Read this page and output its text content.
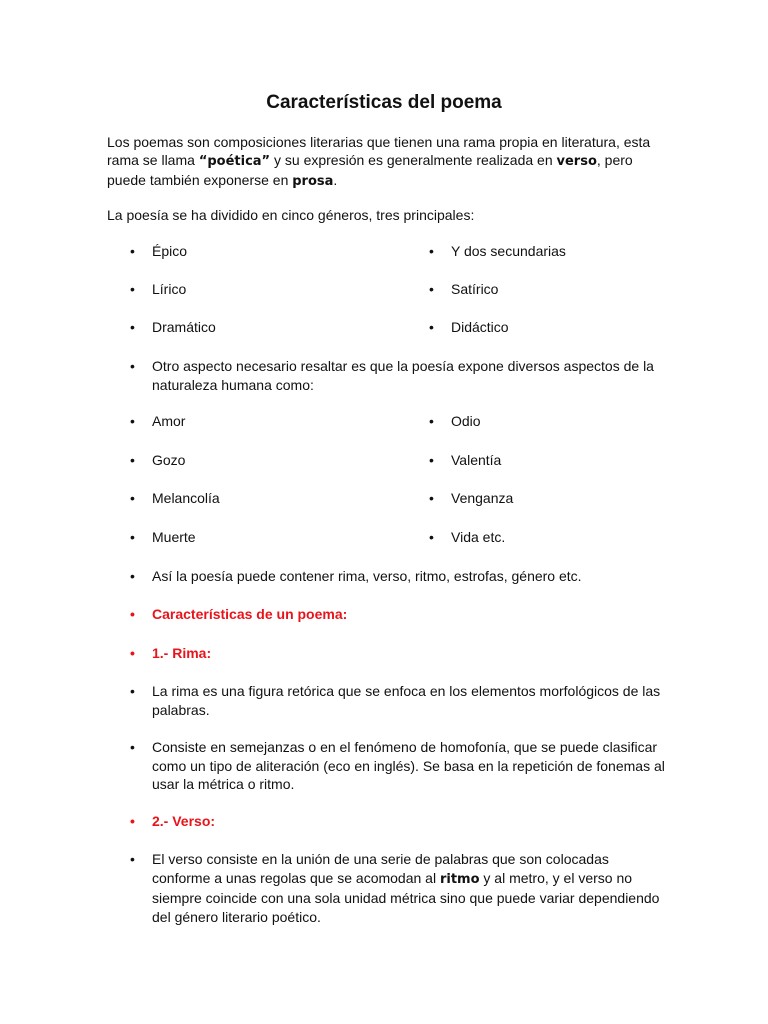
Características del poema

Los poemas son composiciones literarias que tienen una rama propia en literatura, esta rama se llama “poética” y su expresión es generalmente realizada en verso, pero puede también exponerse en prosa.

La poesía se ha dividido en cinco géneros, tres principales:

• Épico

• Lírico

• Dramático

• Y dos secundarias

• Satírico

• Didáctico

• Otro aspecto necesario resaltar es que la poesía expone diversos aspectos de la naturaleza humana como:

• Amor

• Gozo

• Melancolía

• Muerte

• Odio

• Valentía

• Venganza

• Vida etc.

• Así la poesía puede contener rima, verso, ritmo, estrofas, género etc.

• Características de un poema:

• 1.- Rima:

• La rima es una figura retórica que se enfoca en los elementos morfológicos de las palabras.

• Consiste en semejanzas o en el fenómeno de homofonía, que se puede clasificar como un tipo de aliteración (eco en inglés). Se basa en la repetición de fonemas al usar la métrica o ritmo.

• 2.- Verso:

• El verso consiste en la unión de una serie de palabras que son colocadas conforme a unas regolas que se acomodan al ritmo y al metro, y el verso no siempre coincide con una sola unidad métrica sino que puede variar dependiendo del género literario poético.
